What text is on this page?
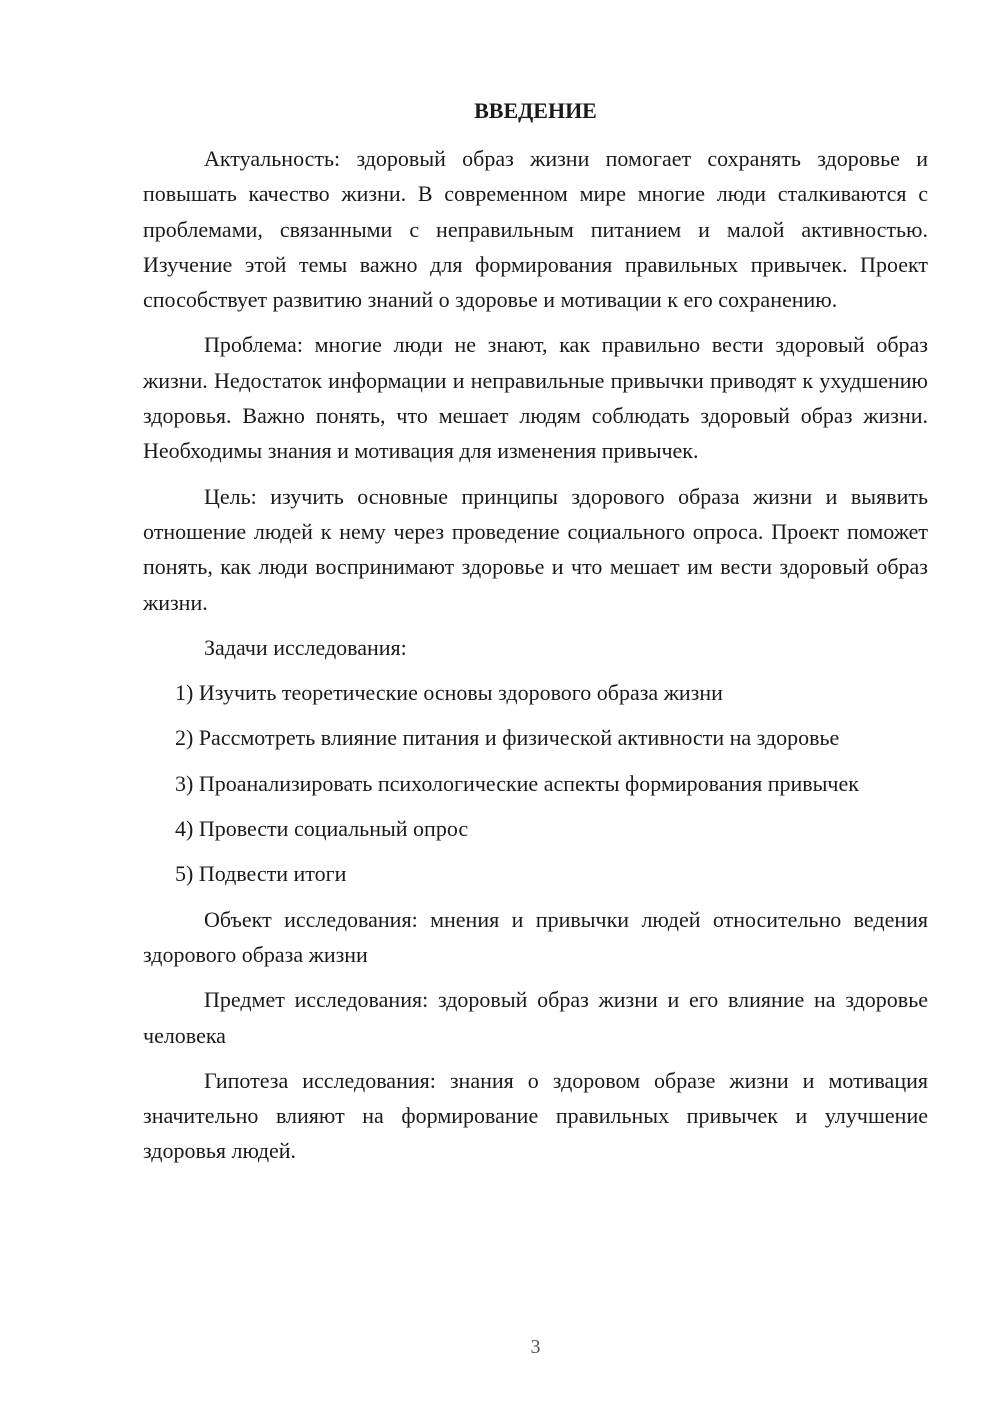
ВВЕДЕНИЕ

Актуальность: здоровый образ жизни помогает сохранять здоровье и повышать качество жизни. В современном мире многие люди сталкиваются с проблемами, связанными с неправильным питанием и малой активностью. Изучение этой темы важно для формирования правильных привычек. Проект способствует развитию знаний о здоровье и мотивации к его сохранению.

Проблема: многие люди не знают, как правильно вести здоровый образ жизни. Недостаток информации и неправильные привычки приводят к ухудшению здоровья. Важно понять, что мешает людям соблюдать здоровый образ жизни. Необходимы знания и мотивация для изменения привычек.

Цель: изучить основные принципы здорового образа жизни и выявить отношение людей к нему через проведение социального опроса. Проект поможет понять, как люди воспринимают здоровье и что мешает им вести здоровый образ жизни.

Задачи исследования:

1) Изучить теоретические основы здорового образа жизни

2) Рассмотреть влияние питания и физической активности на здоровье

3) Проанализировать психологические аспекты формирования привычек

4) Провести социальный опрос

5) Подвести итоги

Объект исследования: мнения и привычки людей относительно ведения здорового образа жизни

Предмет исследования: здоровый образ жизни и его влияние на здоровье человека

Гипотеза исследования: знания о здоровом образе жизни и мотивация значительно влияют на формирование правильных привычек и улучшение здоровья людей.

3
